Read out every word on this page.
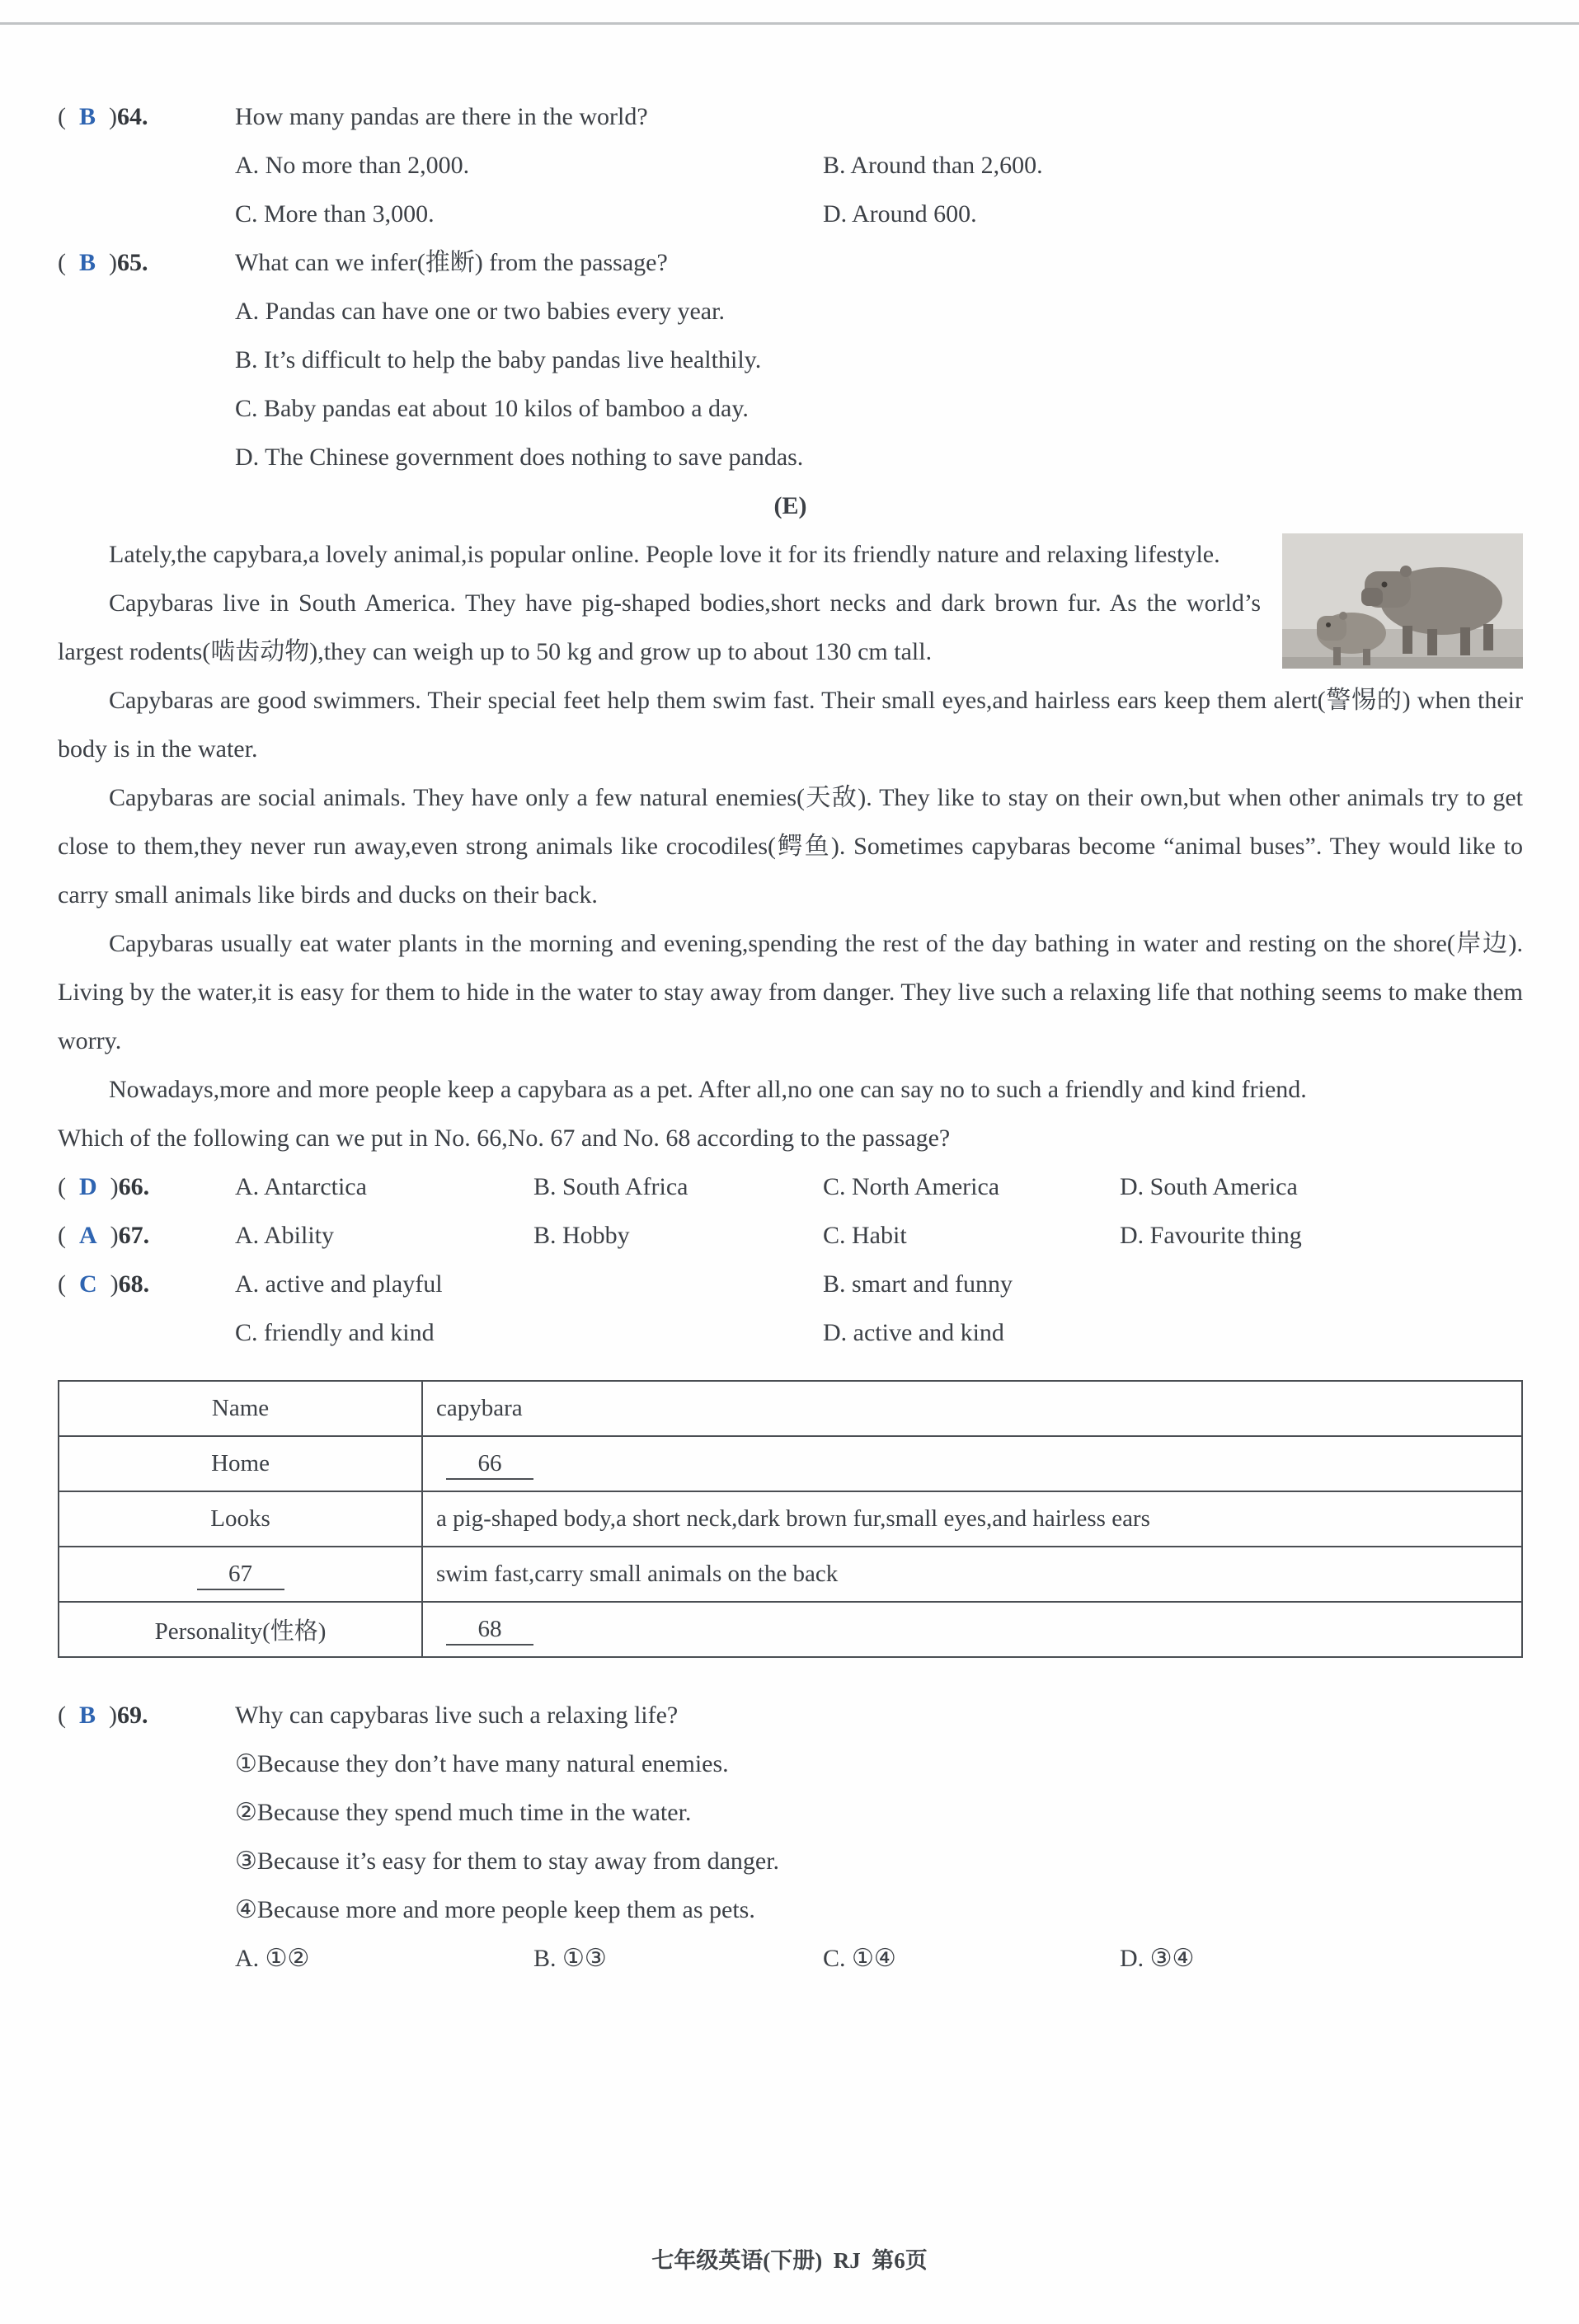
( B )64.	How many pandas are there in the world?
A. No more than 2,000.	B. Around than 2,600.
C. More than 3,000.	D. Around 600.
( B )65.	What can we infer(推断) from the passage?
A. Pandas can have one or two babies every year.
B. It’s difficult to help the baby pandas live healthily.
C. Baby pandas eat about 10 kilos of bamboo a day.
D. The Chinese government does nothing to save pandas.
(E)

Lately,the capybara,a lovely animal,is popular online. People love it for its friendly nature and relaxing lifestyle.

Capybaras live in South America. They have pig-shaped bodies,short necks and dark brown fur. As the world’s largest rodents(啮齿动物),they can weigh up to 50 kg and grow up to about 130 cm tall.

Capybaras are good swimmers. Their special feet help them swim fast. Their small eyes,and hairless ears keep them alert(警惕的) when their body is in the water.

Capybaras are social animals. They have only a few natural enemies(天敌). They like to stay on their own,but when other animals try to get close to them,they never run away,even strong animals like crocodiles(鳄鱼). Sometimes capybaras become “animal buses”. They would like to carry small animals like birds and ducks on their back.

Capybaras usually eat water plants in the morning and evening,spending the rest of the day bathing in water and resting on the shore(岸边). Living by the water,it is easy for them to hide in the water to stay away from danger. They live such a relaxing life that nothing seems to make them worry.

Nowadays,more and more people keep a capybara as a pet. After all,no one can say no to such a friendly and kind friend.

Which of the following can we put in No. 66,No. 67 and No. 68 according to the passage?
( D )66.	A. Antarctica	B. South Africa	C. North America	D. South America
( A )67.	A. Ability	B. Hobby	C. Habit	D. Favourite thing
( C )68.	A. active and playful	B. smart and funny
C. friendly and kind	D. active and kind
Name	capybara
Home	66
Looks	a pig-shaped body,a short neck,dark brown fur,small eyes,and hairless ears
67	swim fast,carry small animals on the back
Personality(性格)	68
( B )69.	Why can capybaras live such a relaxing life?
①Because they don’t have many natural enemies.
②Because they spend much time in the water.
③Because it’s easy for them to stay away from danger.
④Because more and more people keep them as pets.
A. ①②	B. ①③	C. ①④	D. ③④
七年级英语(下册)  RJ  第6页
